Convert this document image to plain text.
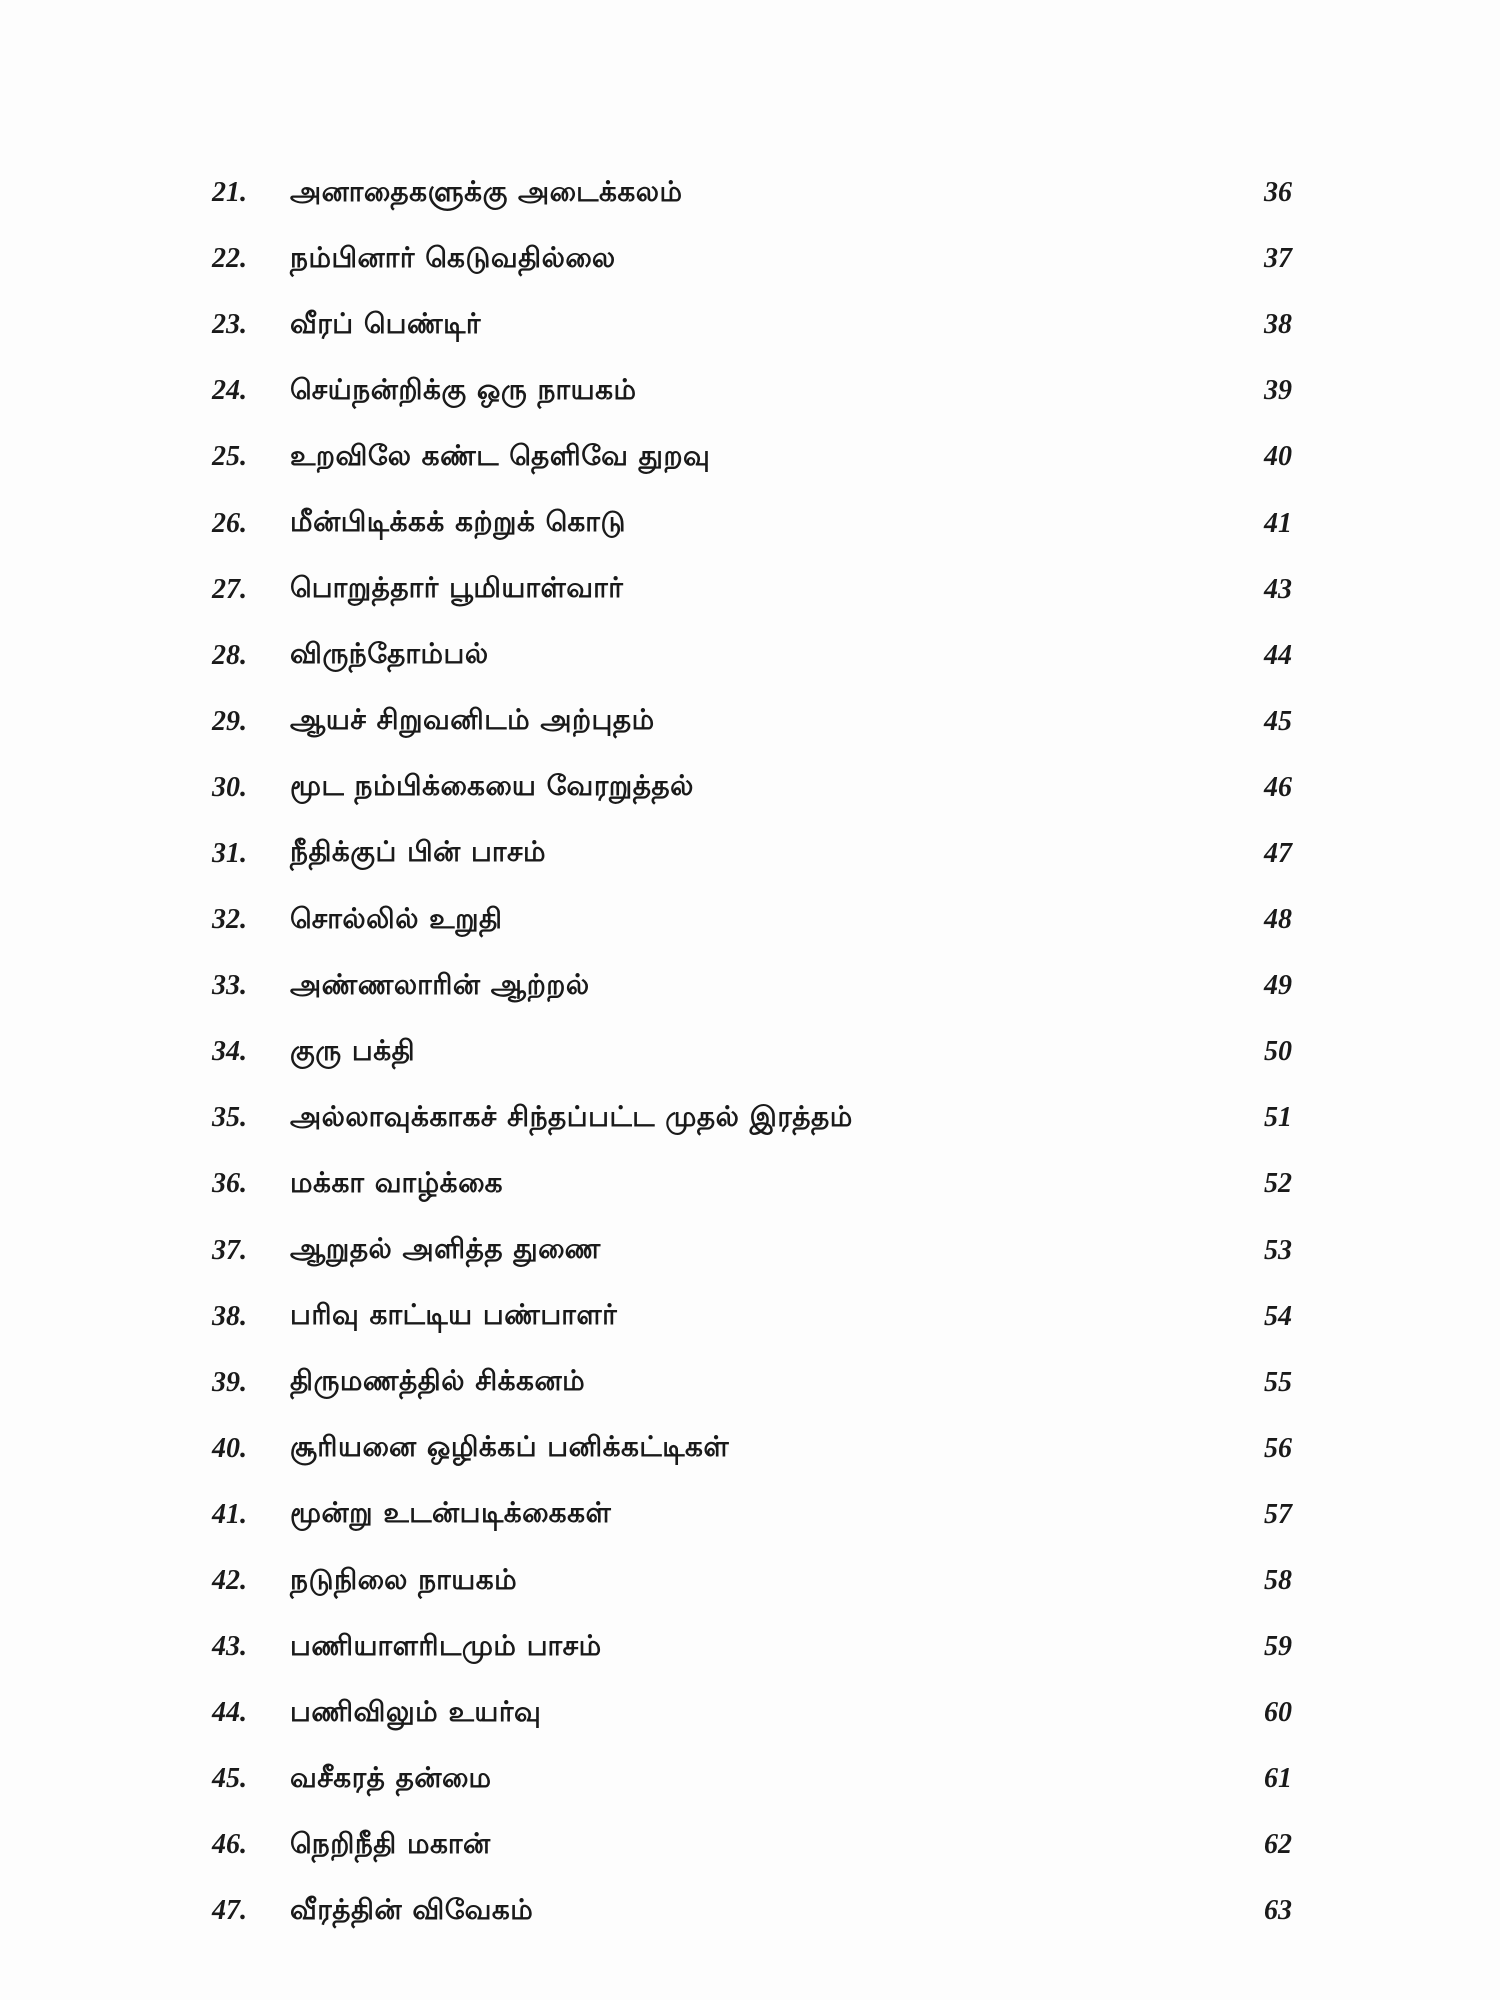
21.	அனாதைகளுக்கு அடைக்கலம்	36
22.	நம்பினார் கெடுவதில்லை	37
23.	வீரப் பெண்டிர்	38
24.	செய்நன்றிக்கு ஒரு நாயகம்	39
25.	உறவிலே கண்ட தெளிவே துறவு	40
26.	மீன்பிடிக்கக் கற்றுக் கொடு	41
27.	பொறுத்தார் பூமியாள்வார்	43
28.	விருந்தோம்பல்	44
29.	ஆயச் சிறுவனிடம் அற்புதம்	45
30.	மூட நம்பிக்கையை வேரறுத்தல்	46
31.	நீதிக்குப் பின் பாசம்	47
32.	சொல்லில் உறுதி	48
33.	அண்ணலாரின் ஆற்றல்	49
34.	குரு பக்தி	50
35.	அல்லாவுக்காகச் சிந்தப்பட்ட முதல் இரத்தம்	51
36.	மக்கா வாழ்க்கை	52
37.	ஆறுதல் அளித்த துணை	53
38.	பரிவு காட்டிய பண்பாளர்	54
39.	திருமணத்தில் சிக்கனம்	55
40.	சூரியனை ஒழிக்கப் பனிக்கட்டிகள்	56
41.	மூன்று உடன்படிக்கைகள்	57
42.	நடுநிலை நாயகம்	58
43.	பணியாளரிடமும் பாசம்	59
44.	பணிவிலும் உயர்வு	60
45.	வசீகரத் தன்மை	61
46.	நெறிநீதி மகான்	62
47.	வீரத்தின் விவேகம்	63
